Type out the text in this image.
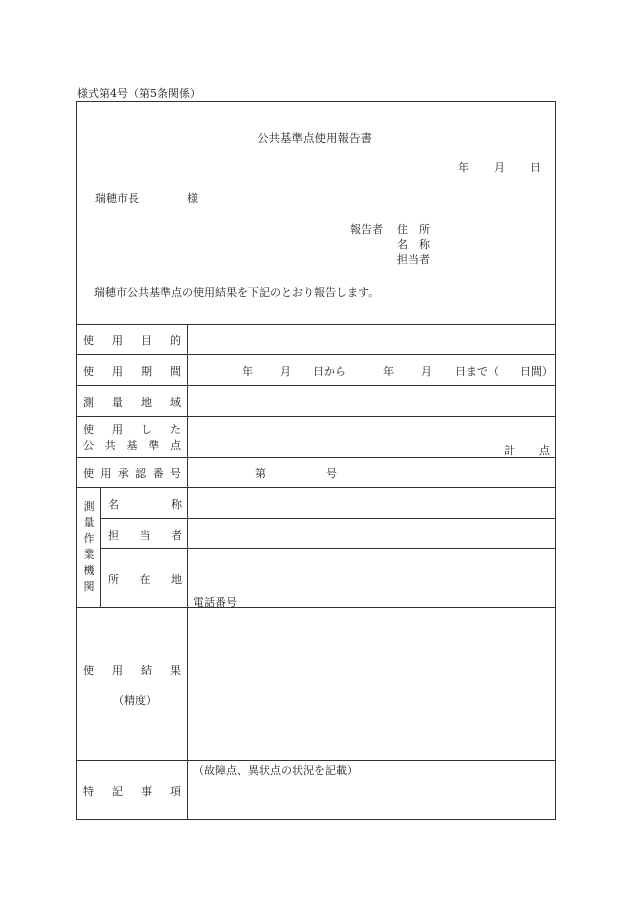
様式第4号（第5条関係）
公共基準点使用報告書
年 月 日
瑞穂市長	様
報告者 住　所
名　称
担当者
瑞穂市公共基準点の使用結果を下記のとおり報告します。
使 用 目 的
使 用 期 間	年 月 日から	年 月 日まで（ 日間）
測 量 地 域
使 用 し た
公 共 基 準 点	計 点
使 用 承 認 番 号	第	号
測
量
作
業
機
関
名	称
担 当 者
所 在 地
電話番号
使 用 結 果
（精度）
特 記 事 項
（故障点、異状点の状況を記載）
